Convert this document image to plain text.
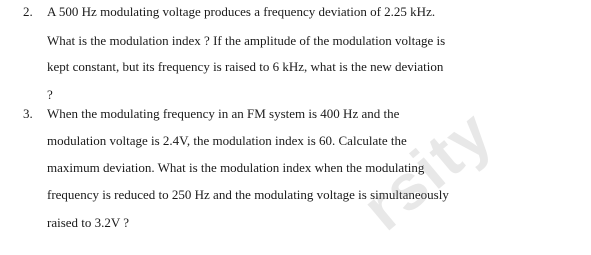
2. A 500 Hz modulating voltage produces a frequency deviation of 2.25 kHz.
What is the modulation index ? If the amplitude of the modulation voltage is
kept constant, but its frequency is raised to 6 kHz, what is the new deviation
?
3. When the modulating frequency in an FM system is 400 Hz and the
modulation voltage is 2.4V, the modulation index is 60. Calculate the
maximum deviation. What is the modulation index when the modulating
frequency is reduced to 250 Hz and the modulating voltage is simultaneously
raised to 3.2V ?	rsity
